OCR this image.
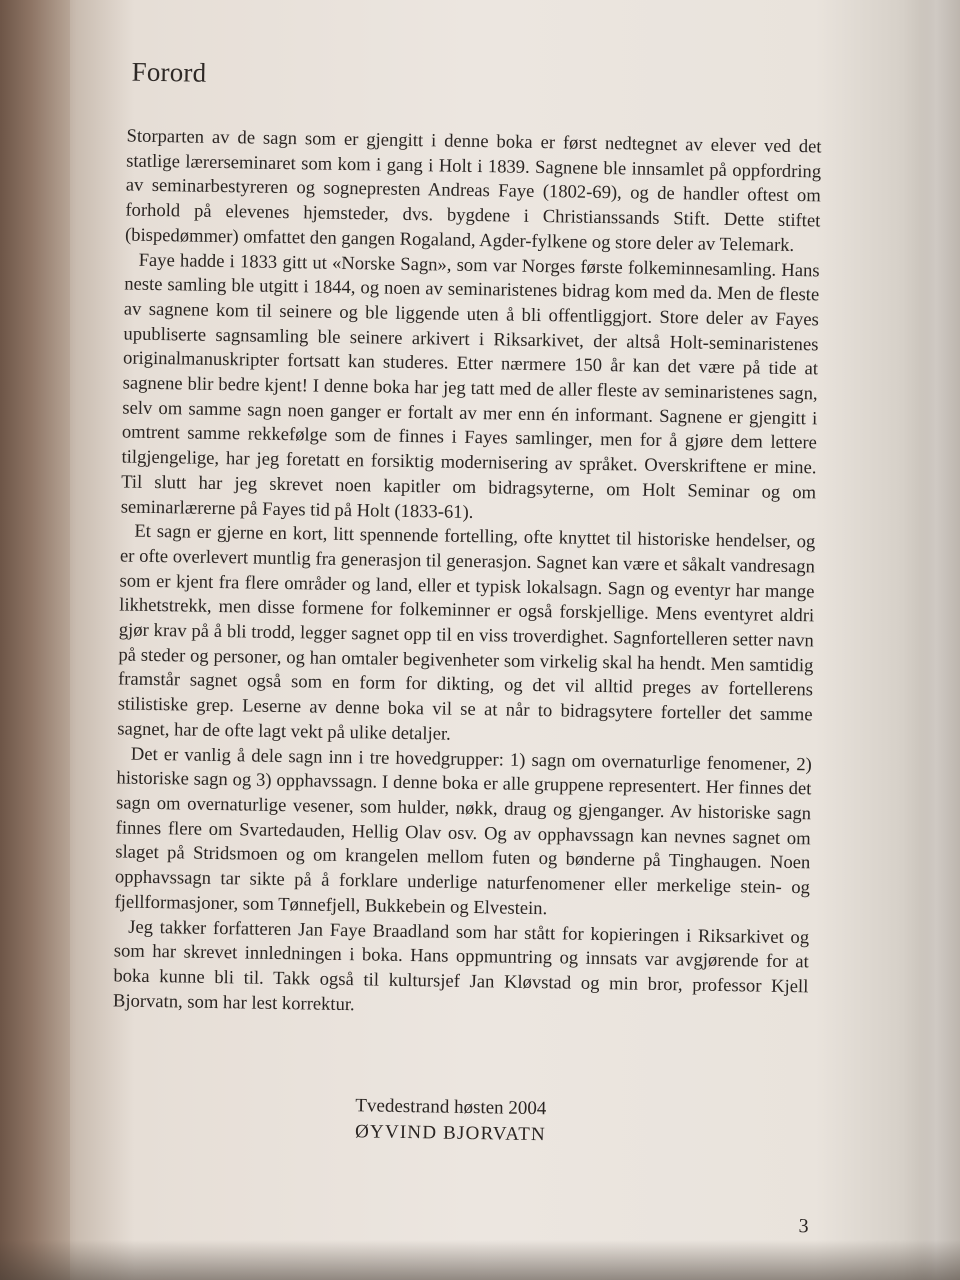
Forord

Storparten av de sagn som er gjengitt i denne boka er først nedtegnet av elever ved det statlige lærerseminaret som kom i gang i Holt i 1839. Sagnene ble innsamlet på oppfordring av seminarbestyreren og sognepresten Andreas Faye (1802-69), og de handler oftest om forhold på elevenes hjemsteder, dvs. bygdene i Christianssands Stift. Dette stiftet (bispedømmer) omfattet den gangen Rogaland, Agder-fylkene og store deler av Telemark.

Faye hadde i 1833 gitt ut «Norske Sagn», som var Norges første folkeminnesamling. Hans neste samling ble utgitt i 1844, og noen av seminaristenes bidrag kom med da. Men de fleste av sagnene kom til seinere og ble liggende uten å bli offentliggjort. Store deler av Fayes upubliserte sagnsamling ble seinere arkivert i Riksarkivet, der altså Holt-seminaristenes originalmanuskripter fortsatt kan studeres. Etter nærmere 150 år kan det være på tide at sagnene blir bedre kjent! I denne boka har jeg tatt med de aller fleste av seminaristenes sagn, selv om samme sagn noen ganger er fortalt av mer enn én informant. Sagnene er gjengitt i omtrent samme rekkefølge som de finnes i Fayes samlinger, men for å gjøre dem lettere tilgjengelige, har jeg foretatt en forsiktig modernisering av språket. Overskriftene er mine. Til slutt har jeg skrevet noen kapitler om bidragsyterne, om Holt Seminar og om seminarlærerne på Fayes tid på Holt (1833-61).

Et sagn er gjerne en kort, litt spennende fortelling, ofte knyttet til historiske hendelser, og er ofte overlevert muntlig fra generasjon til generasjon. Sagnet kan være et såkalt vandresagn som er kjent fra flere områder og land, eller et typisk lokalsagn. Sagn og eventyr har mange likhetstrekk, men disse formene for folkeminner er også forskjellige. Mens eventyret aldri gjør krav på å bli trodd, legger sagnet opp til en viss troverdighet. Sagnfortelleren setter navn på steder og personer, og han omtaler begivenheter som virkelig skal ha hendt. Men samtidig framstår sagnet også som en form for dikting, og det vil alltid preges av fortellerens stilistiske grep. Leserne av denne boka vil se at når to bidragsytere forteller det samme sagnet, har de ofte lagt vekt på ulike detaljer.

Det er vanlig å dele sagn inn i tre hovedgrupper: 1) sagn om overnaturlige fenomener, 2) historiske sagn og 3) opphavssagn. I denne boka er alle gruppene representert. Her finnes det sagn om overnaturlige vesener, som hulder, nøkk, draug og gjenganger. Av historiske sagn finnes flere om Svartedauden, Hellig Olav osv. Og av opphavssagn kan nevnes sagnet om slaget på Stridsmoen og om krangelen mellom futen og bønderne på Tinghaugen. Noen opphavssagn tar sikte på å forklare underlige naturfenomener eller merkelige stein- og fjellformasjoner, som Tønnefjell, Bukkebein og Elvestein.

Jeg takker forfatteren Jan Faye Braadland som har stått for kopieringen i Riksarkivet og som har skrevet innledningen i boka. Hans oppmuntring og innsats var avgjørende for at boka kunne bli til. Takk også til kultursjef Jan Kløvstad og min bror, professor Kjell Bjorvatn, som har lest korrektur.

Tvedestrand høsten 2004
ØYVIND BJORVATN
3
